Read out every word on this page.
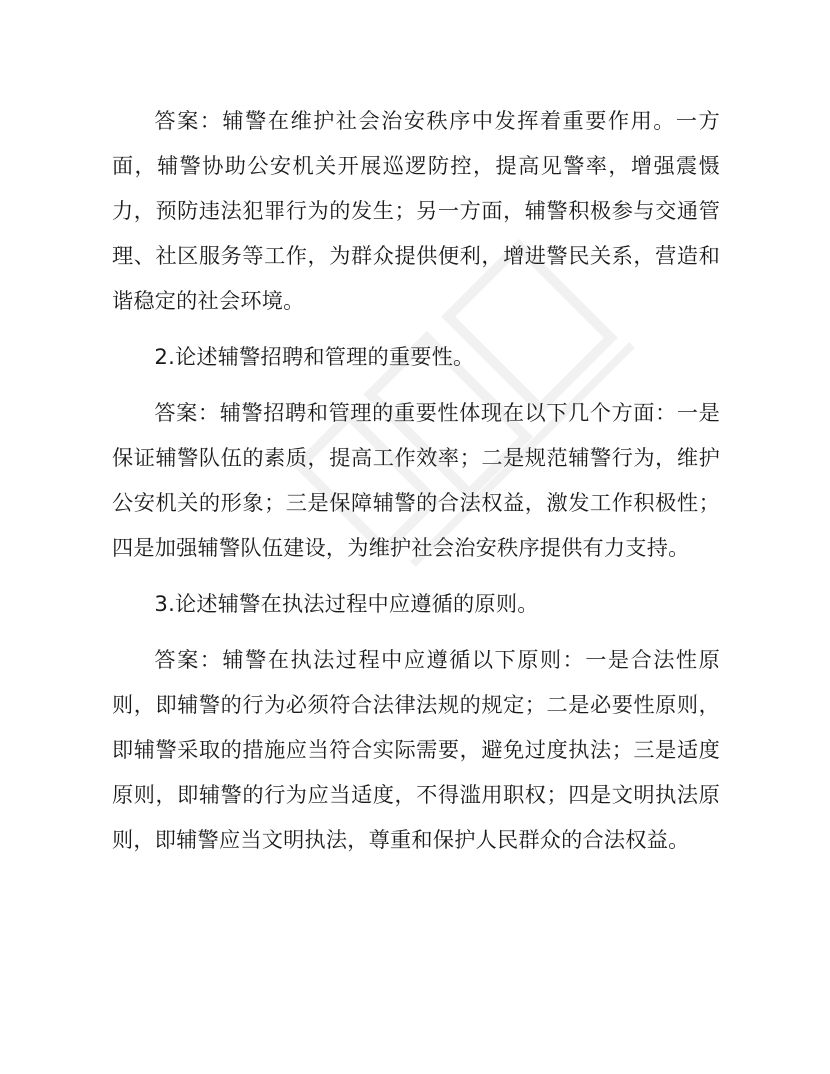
答案：辅警在维护社会治安秩序中发挥着重要作用。一方面，辅警协助公安机关开展巡逻防控，提高见警率，增强震慑力，预防违法犯罪行为的发生；另一方面，辅警积极参与交通管理、社区服务等工作，为群众提供便利，增进警民关系，营造和谐稳定的社会环境。

2.论述辅警招聘和管理的重要性。

答案：辅警招聘和管理的重要性体现在以下几个方面：一是保证辅警队伍的素质，提高工作效率；二是规范辅警行为，维护公安机关的形象；三是保障辅警的合法权益，激发工作积极性；四是加强辅警队伍建设，为维护社会治安秩序提供有力支持。

3.论述辅警在执法过程中应遵循的原则。

答案：辅警在执法过程中应遵循以下原则：一是合法性原则，即辅警的行为必须符合法律法规的规定；二是必要性原则，即辅警采取的措施应当符合实际需要，避免过度执法；三是适度原则，即辅警的行为应当适度，不得滥用职权；四是文明执法原则，即辅警应当文明执法，尊重和保护人民群众的合法权益。
